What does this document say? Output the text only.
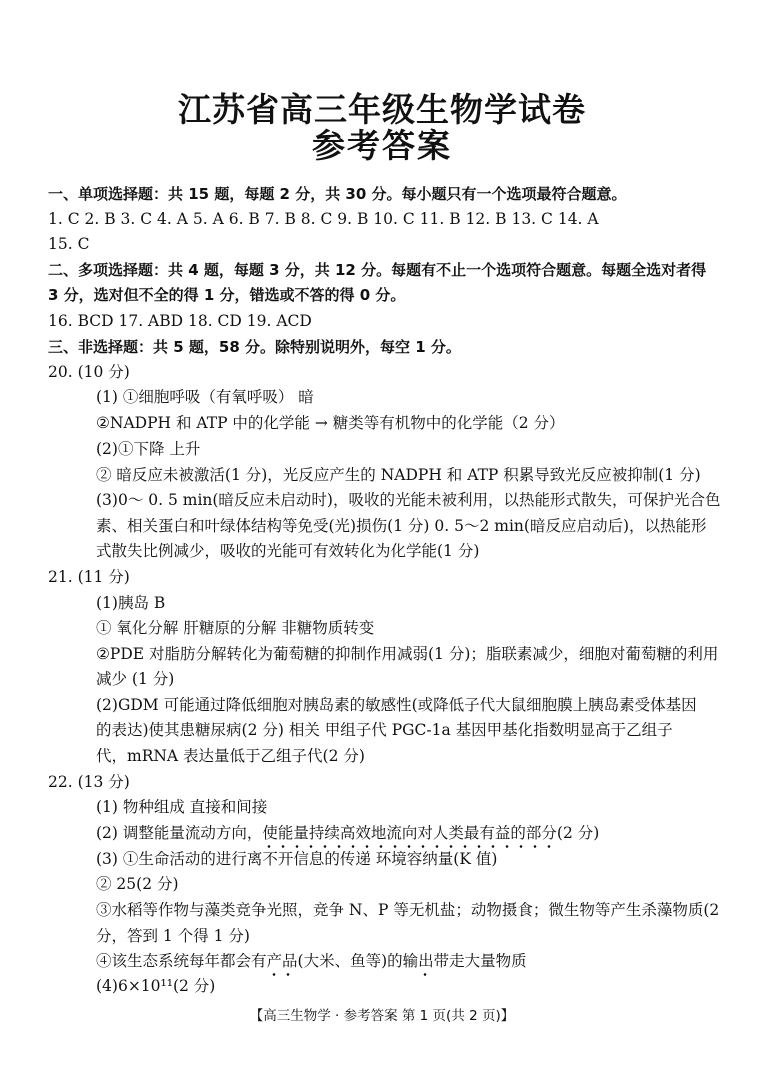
江苏省高三年级生物学试卷
参考答案
一、单项选择题：共 15 题，每题 2 分，共 30 分。每小题只有一个选项最符合题意。
1. C 2. B 3. C 4. A 5. A 6. B 7. B 8. C 9. B 10. C 11. B 12. B 13. C 14. A
15. C
二、多项选择题：共 4 题，每题 3 分，共 12 分。每题有不止一个选项符合题意。每题全选对者得
3 分，选对但不全的得 1 分，错选或不答的得 0 分。
16. BCD 17. ABD 18. CD 19. ACD
三、非选择题：共 5 题，58 分。除特别说明外，每空 1 分。
20. (10 分)
(1) ①细胞呼吸（有氧呼吸） 暗
②NADPH 和 ATP 中的化学能 → 糖类等有机物中的化学能（2 分）
(2)①下降 上升
② 暗反应未被激活(1 分)，光反应产生的 NADPH 和 ATP 积累导致光反应被抑制(1 分)
(3)0～ 0. 5 min(暗反应未启动时)，吸收的光能未被利用，以热能形式散失，可保护光合色
素、相关蛋白和叶绿体结构等免受(光)损伤(1 分) 0. 5～2 min(暗反应启动后)，以热能形
式散失比例减少，吸收的光能可有效转化为化学能(1 分)
21. (11 分)
(1)胰岛 B
① 氧化分解 肝糖原的分解 非糖物质转变
②PDE 对脂肪分解转化为葡萄糖的抑制作用减弱(1 分)；脂联素减少，细胞对葡萄糖的利用
减少 (1 分)
(2)GDM 可能通过降低细胞对胰岛素的敏感性(或降低子代大鼠细胞膜上胰岛素受体基因
的表达)使其患糖尿病(2 分) 相关 甲组子代 PGC-1a 基因甲基化指数明显高于乙组子
代，mRNA 表达量低于乙组子代(2 分)
22. (13 分)
(1) 物种组成 直接和间接
(2) 调整能量流动方向，使能量持续高效地流向对人类最有益的部分(2 分)
(3) ①生命活动的进行离不开信息的传递 环境容纳量(K 值)
② 25(2 分)
③水稻等作物与藻类竞争光照，竞争 N、P 等无机盐；动物摄食；微生物等产生杀藻物质(2
分，答到 1 个得 1 分)
④该生态系统每年都会有产品(大米、鱼等)的输出带走大量物质
(4)6×10¹¹(2 分)
【高三生物学 · 参考答案 第 1 页(共 2 页)】
